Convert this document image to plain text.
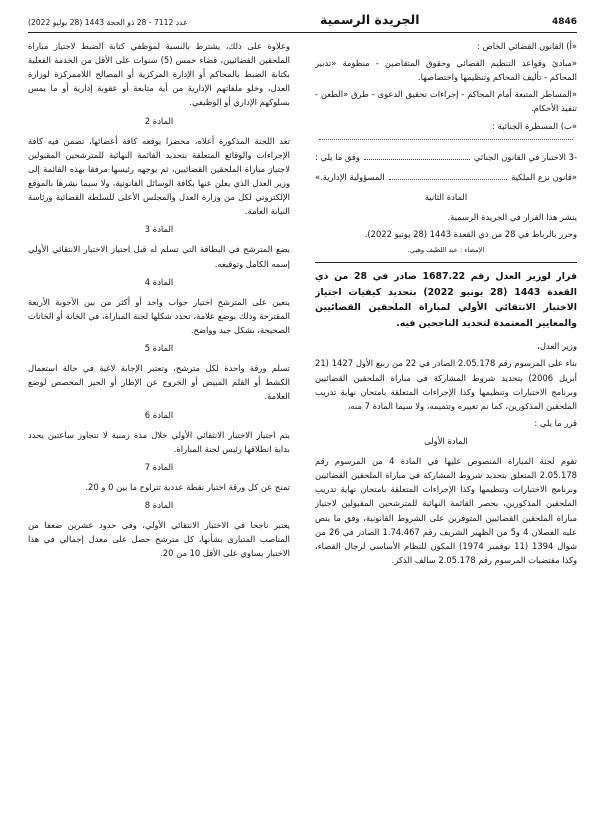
4846
الجريدة الرسمية
عدد 7112 - 28 ذو الحجة 1443 (28 يوليو 2022)

«أ) القانون القضائي الخاص :

«مبادئ وقواعد التنظيم القضائي وحقوق المتقاضين - منظومة «تدبير المحاكم - تأليف المحاكم وتنظيمها واختصاصها.

«المساطر المتبعة أمام المحاكم - إجراءات تحقيق الدعوى - طرق «الطعن - تنفيذ الأحكام.

«ب) المسطرة الجنائية :

-3 الاختبار في القانون الجنائي
وفق ما يلي :
«قانون نزع الملكية
المسؤولية الإدارية.»

المادة الثانية

ينشر هذا القرار في الجريدة الرسمية.

وحرر بالرباط في 28 من ذي القعدة 1443 (28 يونيو 2022).

الإمضاء : عبد اللطيف وهبي.

قرار لوزير العدل رقم 1687.22 صادر في 28 من ذي القعدة 1443 (28 يونيو 2022) بتحديد كيفيات اجتياز الاختبار الانتقائي الأولي لمباراة الملحقين القضائيين والمعايير المعتمدة لتحديد الناجحين فيه.

وزير العدل،

بناء على المرسوم رقم 2.05.178 الصادر في 22 من ربيع الأول 1427 (21 أبريل 2006) بتحديد شروط المشاركة في مباراة الملحقين القضائيين وبرنامج الاختبارات وتنظيمها وكذا الإجراءات المتعلقة بامتحان نهاية تدريب الملحقين المذكورين، كما تم تغييره وتتميمه، ولا سيما المادة 7 منه،

قرر ما يلي :

المادة الأولى

تقوم لجنة المباراة المنصوص عليها في المادة 4 من المرسوم رقم 2.05.178 المتعلق بتحديد شروط المشاركة في مباراة الملحقين القضائيين وبرنامج الاختبارات وتنظيمها وكذا الإجراءات المتعلقة بامتحان نهاية تدريب الملحقين المذكورين، بحصر القائمة النهائية للمترشحين المقبولين لاجتياز مباراة الملحقين القضائيين المتوفرين على الشروط القانونية، وفق ما ينص عليه الفصلان 4 و5 من الظهير الشريف رقم 1.74.467 الصادر في 26 من شوال 1394 (11 نوفمبر 1974) المكون للنظام الأساسي لرجال القضاء، وكذا مقتضيات المرسوم رقم 2.05.178 سالف الذكر.

وعلاوة على ذلك، يشترط بالنسبة لموظفي كتابة الضبط لاجتياز مباراة الملحقين القضائيين، قضاء خمس (5) سنوات على الأقل من الخدمة الفعلية بكتابة الضبط بالمحاكم أو الإدارة المركزية أو المصالح اللاممركزة لوزارة العدل، وخلو ملفاتهم الإدارية من أية متابعة أو عقوبة إدارية أو ما يمس بسلوكهم الإداري أو الوظيفي.

المادة 2

تعد اللجنة المذكورة أعلاه، محضرا يوقعه كافة أعضائها، تضمن فيه كافة الإجراءات والوقائع المتعلقة بتحديد القائمة النهائية للمترشحين المقبولين لاجتياز مباراة الملحقين القضائيين، ثم يوجهه رئيسها مرفقا بهذه القائمة إلى وزير العدل الذي يعلن عنها بكافة الوسائل القانونية، ولا سيما نشرها بالموقع الإلكتروني لكل من وزارة العدل والمجلس الأعلى للسلطة القضائية ورئاسة النيابة العامة.

المادة 3

يضع المترشح في البطاقة التي تسلم له قبل اجتياز الاختبار الانتقائي الأولي إسمه الكامل وتوقيعه.

المادة 4

يتعين على المترشح اختيار جواب واحد أو أكثر من بين الأجوبة الأربعة المقترحة وذلك بوضع علامة، تحدد شكلها لجنة المباراة، في الخانة أو الخانات الصحيحة، بشكل جيد وواضح.

المادة 5

تسلم ورقة واحدة لكل مترشح، وتعتبر الإجابة لاغية في حالة استعمال الكشط أو القلم المبيض أو الخروج عن الإطار أو الحيز المخصص لوضع العلامة.

المادة 6

يتم اجتياز الاختبار الانتقائي الأولي خلال مدة زمنية لا تتجاوز ساعتين يحدد بداية انطلاقها رئيس لجنة المباراة.

المادة 7

تمنح عن كل ورقة اختبار نقطة عددية تتراوح ما بين 0 و 20.

المادة 8

يعتبر ناجحا في الاختبار الانتقائي الأولي، وفي حدود عشرين ضعفا من المناصب المتبارى بشأنها، كل مترشح حصل على معدل إجمالي في هذا الاختبار يساوي على الأقل 10 من 20.
